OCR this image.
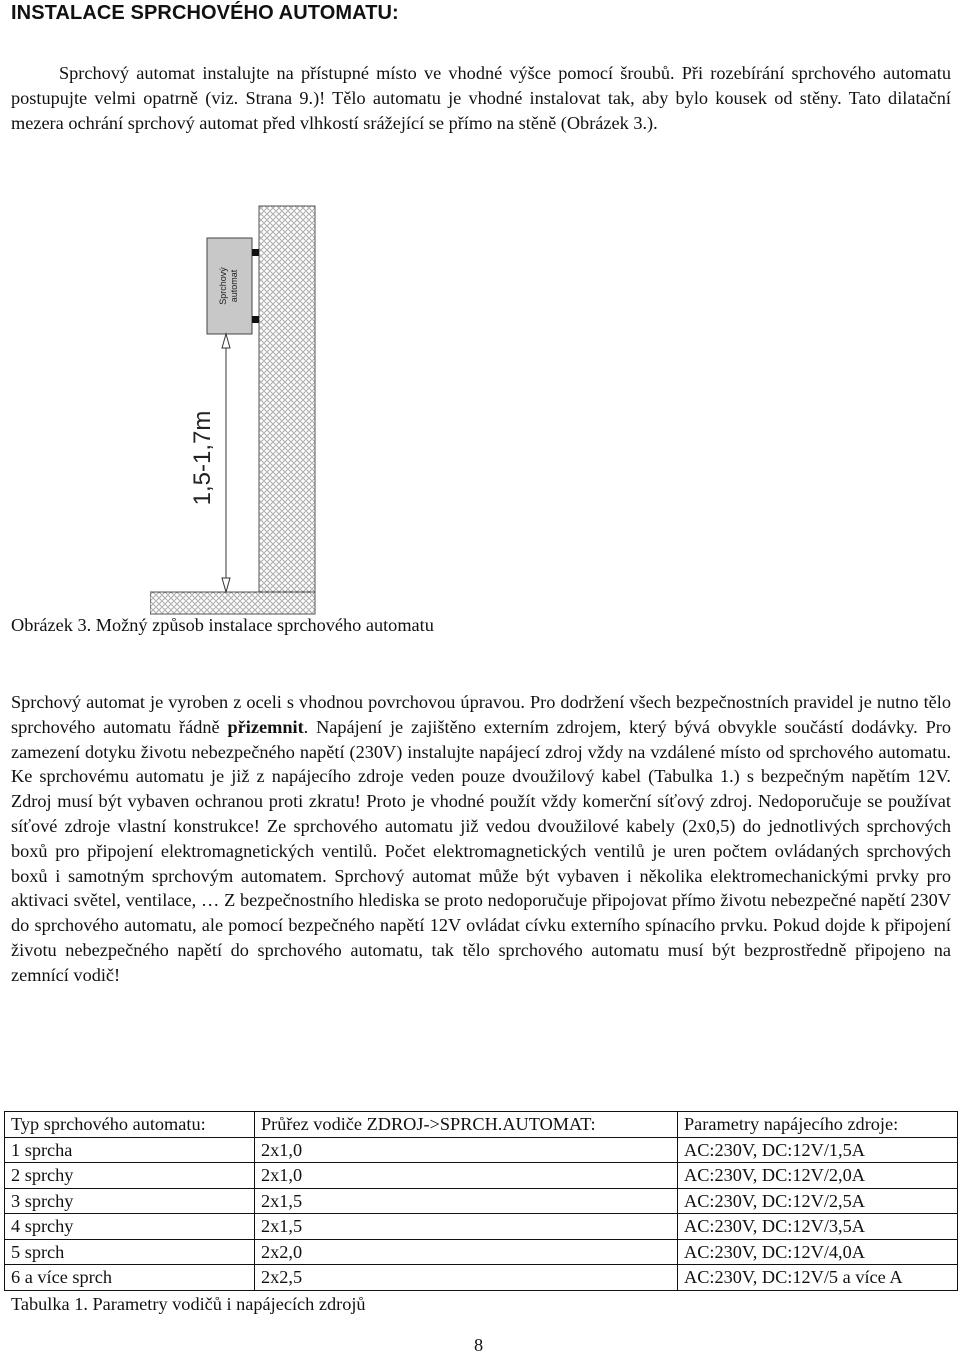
INSTALACE SPRCHOVÉHO AUTOMATU:
Sprchový automat instalujte na přístupné místo ve vhodné výšce pomocí šroubů. Při rozebírání sprchového automatu postupujte velmi opatrně (viz. Strana 9.)! Tělo automatu je vhodné instalovat tak, aby bylo kousek od stěny. Tato dilatační mezera ochrání sprchový automat před vlhkostí srážející se přímo na stěně (Obrázek 3.).
Sprchový automat
1,5-1,7m
Obrázek 3. Možný způsob instalace sprchového automatu
Sprchový automat je vyroben z oceli s vhodnou povrchovou úpravou. Pro dodržení všech bezpečnostních pravidel je nutno tělo sprchového automatu řádně přizemnit. Napájení je zajištěno externím zdrojem, který bývá obvykle součástí dodávky. Pro zamezení dotyku životu nebezpečného napětí (230V) instalujte napájecí zdroj vždy na vzdálené místo od sprchového automatu. Ke sprchovému automatu je již z napájecího zdroje veden pouze dvoužilový kabel (Tabulka 1.) s bezpečným napětím 12V. Zdroj musí být vybaven ochranou proti zkratu! Proto je vhodné použít vždy komerční síťový zdroj. Nedoporučuje se používat síťové zdroje vlastní konstrukce! Ze sprchového automatu již vedou dvoužilové kabely (2x0,5) do jednotlivých sprchových boxů pro připojení elektromagnetických ventilů. Počet elektromagnetických ventilů je uren počtem ovládaných sprchových boxů i samotným sprchovým automatem. Sprchový automat může být vybaven i několika elektromechanickými prvky pro aktivaci světel, ventilace, … Z bezpečnostního hlediska se proto nedoporučuje připojovat přímo životu nebezpečné napětí 230V do sprchového automatu, ale pomocí bezpečného napětí 12V ovládat cívku externího spínacího prvku. Pokud dojde k připojení životu nebezpečného napětí do sprchového automatu, tak tělo sprchového automatu musí být bezprostředně připojeno na zemnící vodič!
Typ sprchového automatu:	Průřez vodiče ZDROJ->SPRCH.AUTOMAT:	Parametry napájecího zdroje:
1 sprcha	2x1,0	AC:230V, DC:12V/1,5A
2 sprchy	2x1,0	AC:230V, DC:12V/2,0A
3 sprchy	2x1,5	AC:230V, DC:12V/2,5A
4 sprchy	2x1,5	AC:230V, DC:12V/3,5A
5 sprch	2x2,0	AC:230V, DC:12V/4,0A
6 a více sprch	2x2,5	AC:230V, DC:12V/5 a více A
Tabulka 1. Parametry vodičů i napájecích zdrojů
8
